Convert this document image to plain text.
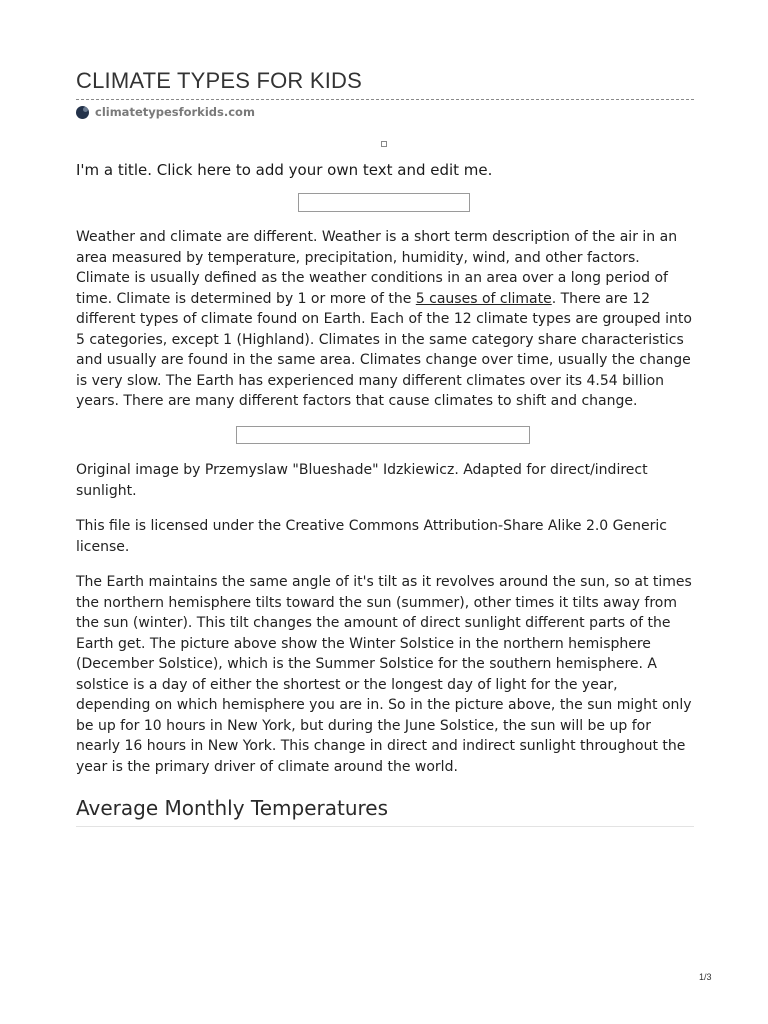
CLIMATE TYPES FOR KIDS
climatetypesforkids.com

I'm a title. Click here to add your own text and edit me.

Weather and climate are different. Weather is a short term description of the air in an area measured by temperature, precipitation, humidity, wind, and other factors. Climate is usually defined as the weather conditions in an area over a long period of time. Climate is determined by 1 or more of the 5 causes of climate. There are 12 different types of climate found on Earth. Each of the 12 climate types are grouped into 5 categories, except 1 (Highland). Climates in the same category share characteristics and usually are found in the same area. Climates change over time, usually the change is very slow. The Earth has experienced many different climates over its 4.54 billion years. There are many different factors that cause climates to shift and change.

Original image by Przemyslaw "Blueshade" Idzkiewicz. Adapted for direct/indirect sunlight.

This file is licensed under the Creative Commons Attribution-Share Alike 2.0 Generic license.

The Earth maintains the same angle of it's tilt as it revolves around the sun, so at times the northern hemisphere tilts toward the sun (summer), other times it tilts away from the sun (winter). This tilt changes the amount of direct sunlight different parts of the Earth get. The picture above show the Winter Solstice in the northern hemisphere (December Solstice), which is the Summer Solstice for the southern hemisphere. A solstice is a day of either the shortest or the longest day of light for the year, depending on which hemisphere you are in. So in the picture above, the sun might only be up for 10 hours in New York, but during the June Solstice, the sun will be up for nearly 16 hours in New York. This change in direct and indirect sunlight throughout the year is the primary driver of climate around the world.

Average Monthly Temperatures
1/3
